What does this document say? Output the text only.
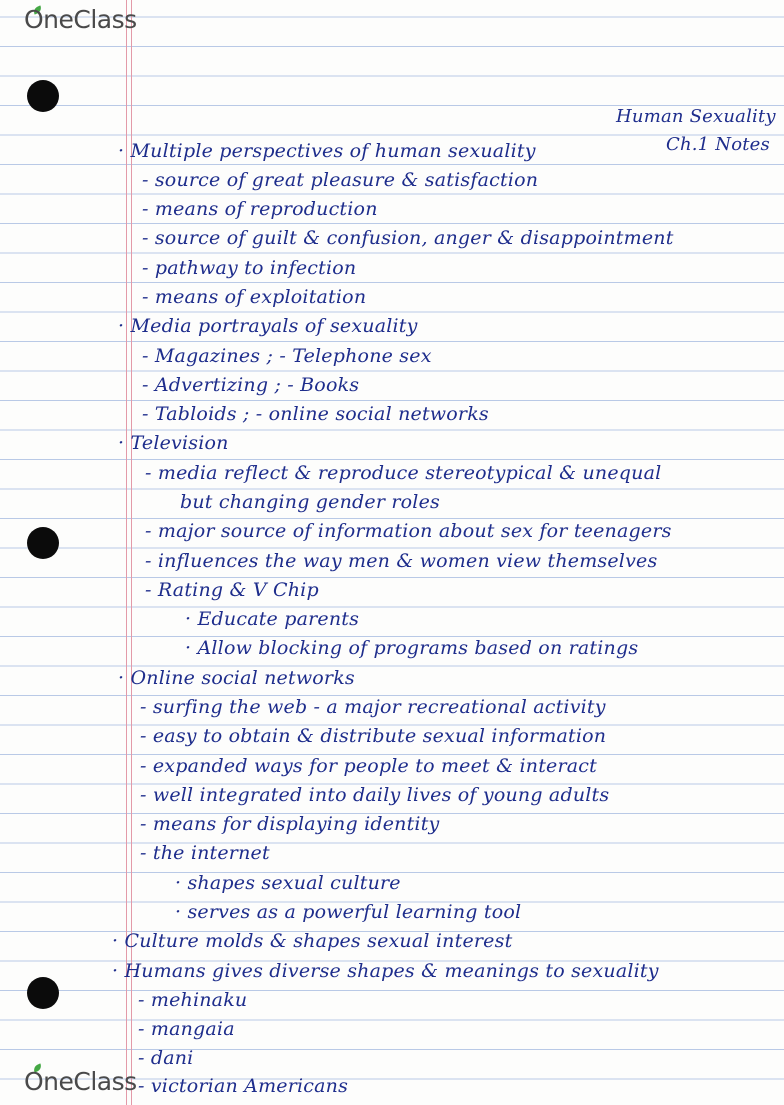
OneClass
OneClass
Human Sexuality
Ch.1 Notes
· Multiple perspectives of human sexuality
- source of great pleasure & satisfaction
- means of reproduction
- source of guilt & confusion, anger & disappointment
- pathway to infection
- means of exploitation
· Media portrayals of sexuality
- Magazines ; - Telephone sex
- Advertizing ; - Books
- Tabloids ; - online social networks
· Television
- media reflect & reproduce stereotypical & unequal
but changing gender roles
- major source of information about sex for teenagers
- influences the way men & women view themselves
- Rating & V Chip
· Educate parents
· Allow blocking of programs based on ratings
· Online social networks
- surfing the web - a major recreational activity
- easy to obtain & distribute sexual information
- expanded ways for people to meet & interact
- well integrated into daily lives of young adults
- means for displaying identity
- the internet
· shapes sexual culture
· serves as a powerful learning tool
· Culture molds & shapes sexual interest
· Humans gives diverse shapes & meanings to sexuality
- mehinaku
- mangaia
- dani
- victorian Americans
